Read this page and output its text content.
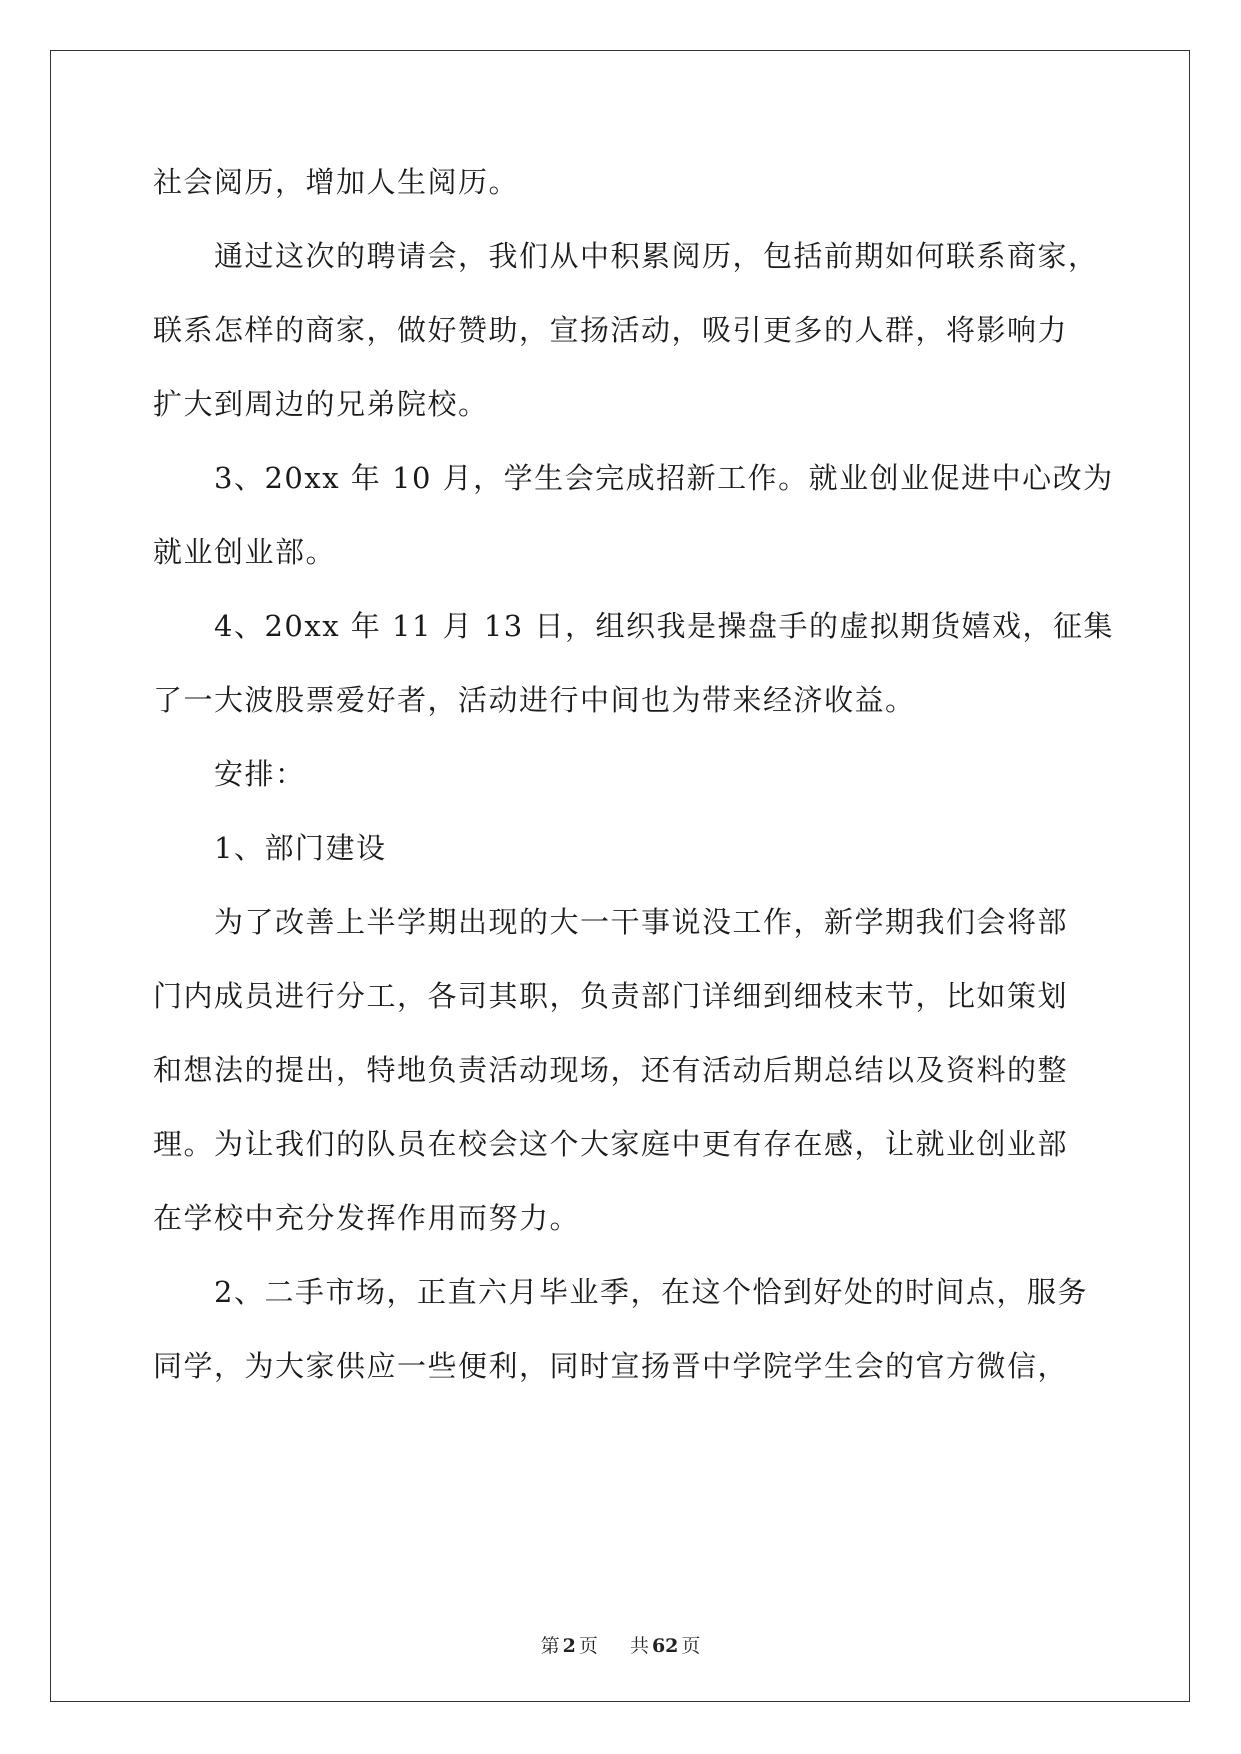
社会阅历，增加人生阅历。
通过这次的聘请会，我们从中积累阅历，包括前期如何联系商家，
联系怎样的商家，做好赞助，宣扬活动，吸引更多的人群，将影响力
扩大到周边的兄弟院校。
3、20xx 年 10 月，学生会完成招新工作。就业创业促进中心改为
就业创业部。
4、20xx 年 11 月 13 日，组织我是操盘手的虚拟期货嬉戏，征集
了一大波股票爱好者，活动进行中间也为带来经济收益。
安排：
1、部门建设
为了改善上半学期出现的大一干事说没工作，新学期我们会将部
门内成员进行分工，各司其职，负责部门详细到细枝末节，比如策划
和想法的提出，特地负责活动现场，还有活动后期总结以及资料的整
理。为让我们的队员在校会这个大家庭中更有存在感，让就业创业部
在学校中充分发挥作用而努力。
2、二手市场，正直六月毕业季，在这个恰到好处的时间点，服务
同学，为大家供应一些便利，同时宣扬晋中学院学生会的官方微信，
第 2 页 共 62 页
